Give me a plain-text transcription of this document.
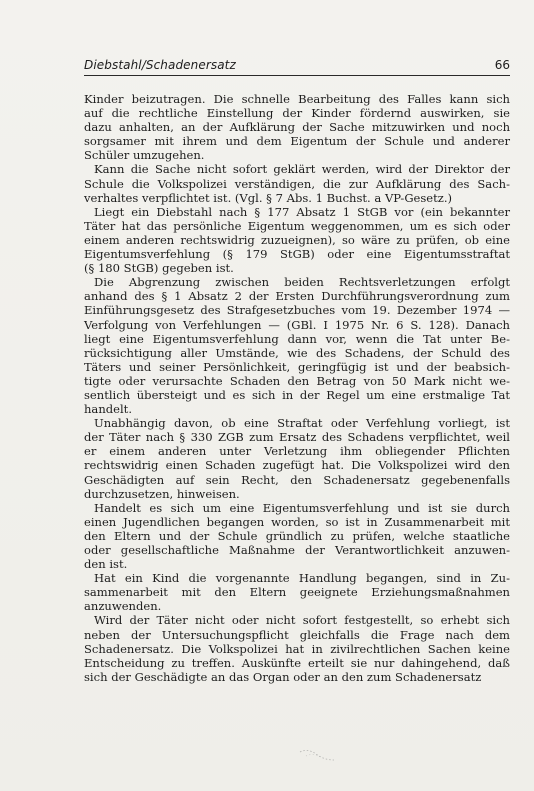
Diebstahl/Schadenersatz	66
Kinder beizutragen. Die schnelle Bearbeitung des Falles kann sich
auf die rechtliche Einstellung der Kinder fördernd auswirken, sie
dazu anhalten, an der Aufklärung der Sache mitzuwirken und noch
sorgsamer mit ihrem und dem Eigentum der Schule und anderer
Schüler umzugehen.
Kann die Sache nicht sofort geklärt werden, wird der Direktor der
Schule die Volkspolizei verständigen, die zur Aufklärung des Sach-
verhaltes verpflichtet ist. (Vgl. § 7 Abs. 1 Buchst. a VP-Gesetz.)
Liegt ein Diebstahl nach § 177 Absatz 1 StGB vor (ein bekannter
Täter hat das persönliche Eigentum weggenommen, um es sich oder
einem anderen rechtswidrig zuzueignen), so wäre zu prüfen, ob eine
Eigentumsverfehlung (§ 179 StGB) oder eine Eigentumsstraftat
(§ 180 StGB) gegeben ist.
Die Abgrenzung zwischen beiden Rechtsverletzungen erfolgt
anhand des § 1 Absatz 2 der Ersten Durchführungsverordnung zum
Einführungsgesetz des Strafgesetzbuches vom 19. Dezember 1974 —
Verfolgung von Verfehlungen — (GBl. I 1975 Nr. 6 S. 128). Danach
liegt eine Eigentumsverfehlung dann vor, wenn die Tat unter Be-
rücksichtigung aller Umstände, wie des Schadens, der Schuld des
Täters und seiner Persönlichkeit, geringfügig ist und der beabsich-
tigte oder verursachte Schaden den Betrag von 50 Mark nicht we-
sentlich übersteigt und es sich in der Regel um eine erstmalige Tat
handelt.
Unabhängig davon, ob eine Straftat oder Verfehlung vorliegt, ist
der Täter nach § 330 ZGB zum Ersatz des Schadens verpflichtet, weil
er einem anderen unter Verletzung ihm obliegender Pflichten
rechtswidrig einen Schaden zugefügt hat. Die Volkspolizei wird den
Geschädigten auf sein Recht, den Schadenersatz gegebenenfalls
durchzusetzen, hinweisen.
Handelt es sich um eine Eigentumsverfehlung und ist sie durch
einen Jugendlichen begangen worden, so ist in Zusammenarbeit mit
den Eltern und der Schule gründlich zu prüfen, welche staatliche
oder gesellschaftliche Maßnahme der Verantwortlichkeit anzuwen-
den ist.
Hat ein Kind die vorgenannte Handlung begangen, sind in Zu-
sammenarbeit mit den Eltern geeignete Erziehungsmaßnahmen
anzuwenden.
Wird der Täter nicht oder nicht sofort festgestellt, so erhebt sich
neben der Untersuchungspflicht gleichfalls die Frage nach dem
Schadenersatz. Die Volkspolizei hat in zivilrechtlichen Sachen keine
Entscheidung zu treffen. Auskünfte erteilt sie nur dahingehend, daß
sich der Geschädigte an das Organ oder an den zum Schadenersatz
